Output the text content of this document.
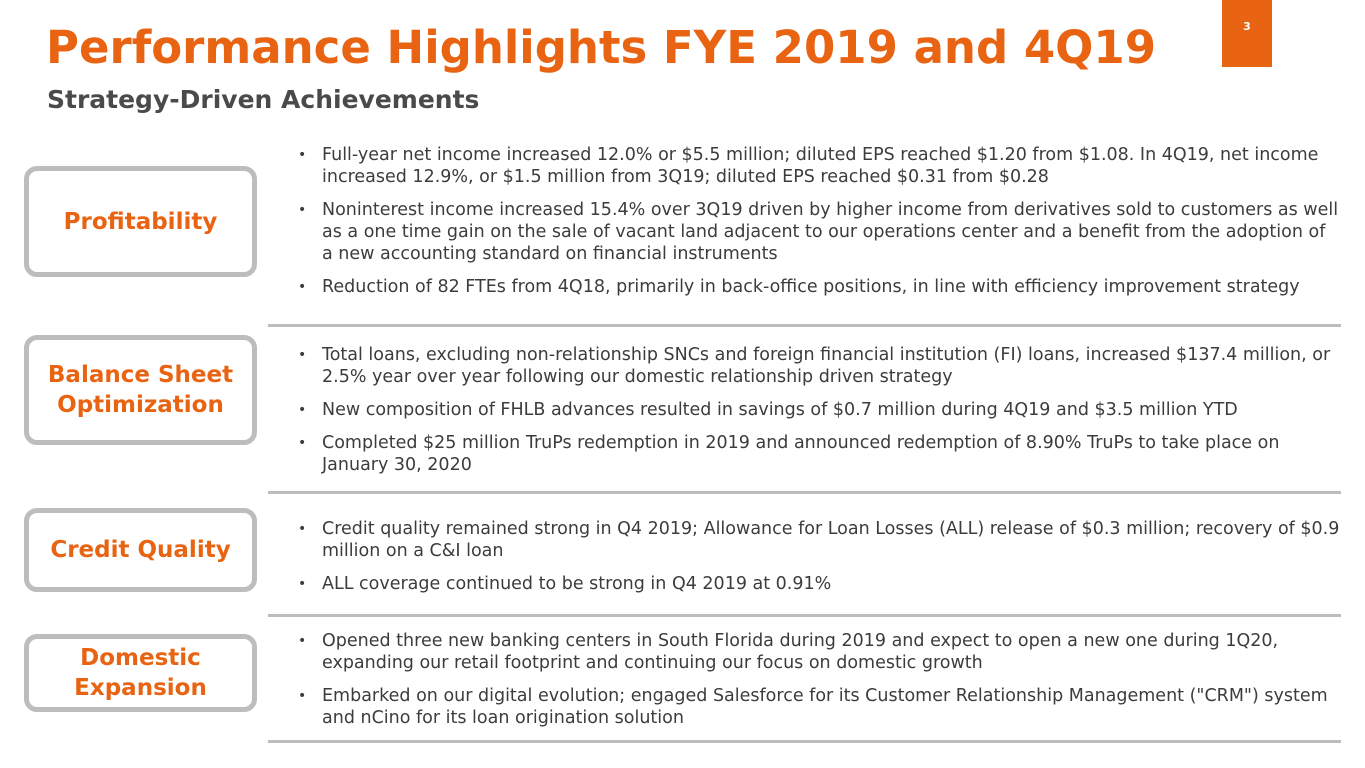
Performance Highlights FYE 2019 and 4Q19
Strategy-Driven Achievements
3
Profitability
• Full-year net income increased 12.0% or $5.5 million; diluted EPS reached $1.20 from $1.08. In 4Q19, net income increased 12.9%, or $1.5 million from 3Q19; diluted EPS reached $0.31 from $0.28
• Noninterest income increased 15.4% over 3Q19 driven by higher income from derivatives sold to customers as well as a one time gain on the sale of vacant land adjacent to our operations center and a benefit from the adoption of a new accounting standard on financial instruments
• Reduction of 82 FTEs from 4Q18, primarily in back-office positions, in line with efficiency improvement strategy
Balance Sheet Optimization
• Total loans, excluding non-relationship SNCs and foreign financial institution (FI) loans, increased $137.4 million, or 2.5% year over year following our domestic relationship driven strategy
• New composition of FHLB advances resulted in savings of $0.7 million during 4Q19 and $3.5 million YTD
• Completed $25 million TruPs redemption in 2019 and announced redemption of 8.90% TruPs to take place on January 30, 2020
Credit Quality
• Credit quality remained strong in Q4 2019; Allowance for Loan Losses (ALL) release of $0.3 million; recovery of $0.9 million on a C&I loan
• ALL coverage continued to be strong in Q4 2019 at 0.91%
Domestic Expansion
• Opened three new banking centers in South Florida during 2019 and expect to open a new one during 1Q20, expanding our retail footprint and continuing our focus on domestic growth
• Embarked on our digital evolution; engaged Salesforce for its Customer Relationship Management ("CRM") system and nCino for its loan origination solution
